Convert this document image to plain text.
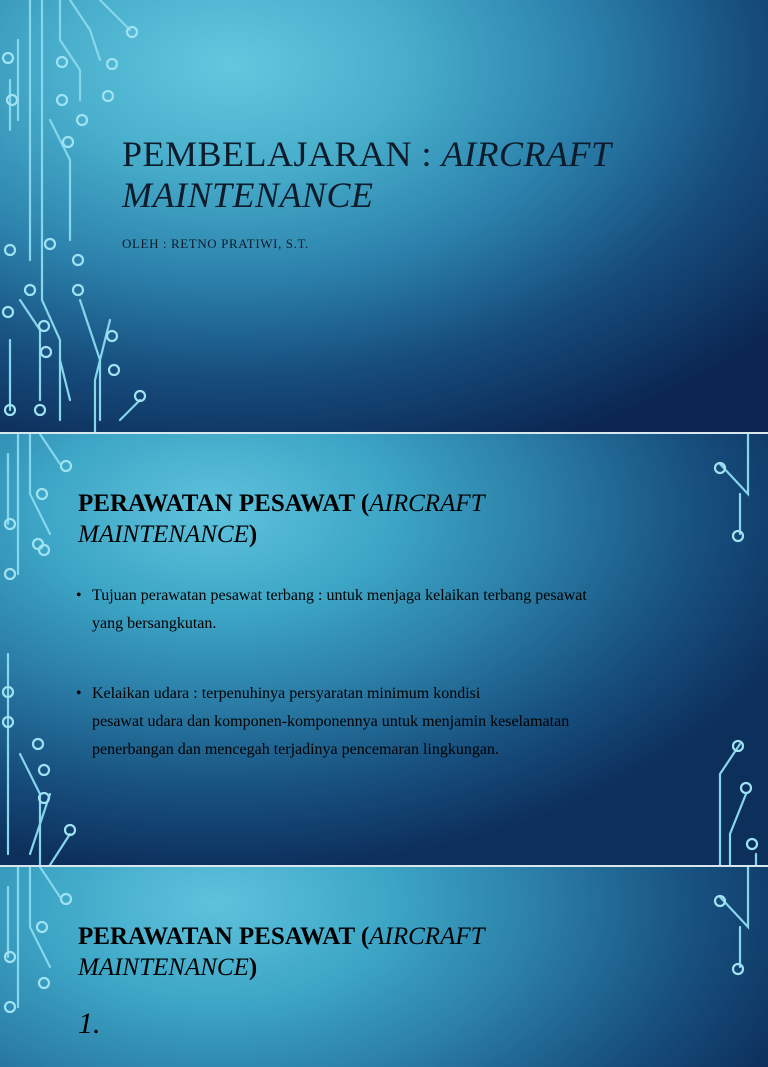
PEMBELAJARAN : AIRCRAFT
MAINTENANCE
OLEH : RETNO PRATIWI, S.T.
PERAWATAN PESAWAT (AIRCRAFT
MAINTENANCE)
• Tujuan perawatan pesawat terbang : untuk menjaga kelaikan terbang pesawat
yang bersangkutan.
• Kelaikan udara : terpenuhinya persyaratan minimum kondisi
pesawat udara dan komponen-komponennya untuk menjamin keselamatan
penerbangan dan mencegah terjadinya pencemaran lingkungan.
PERAWATAN PESAWAT (AIRCRAFT
MAINTENANCE)
1.
